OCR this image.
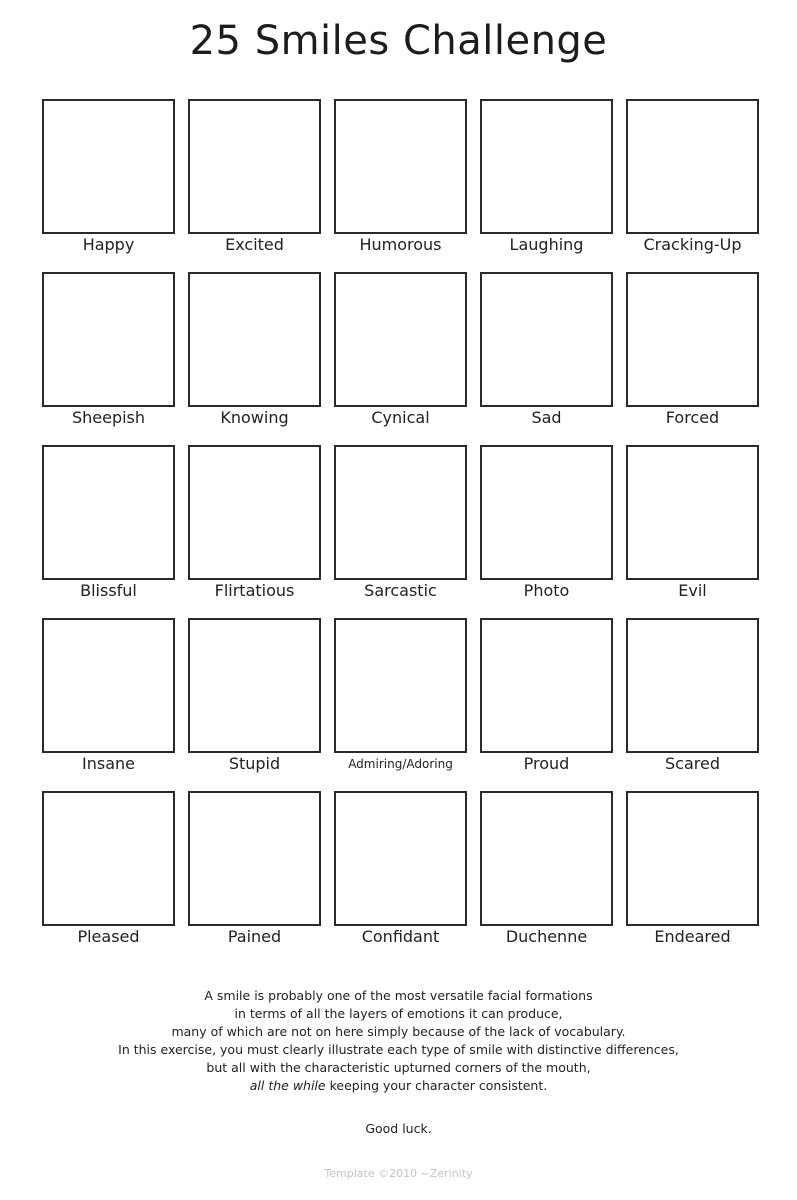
25 Smiles Challenge
Happy	Excited	Humorous	Laughing	Cracking-Up
Sheepish	Knowing	Cynical	Sad	Forced
Blissful	Flirtatious	Sarcastic	Photo	Evil
Insane	Stupid	Admiring/Adoring	Proud	Scared
Pleased	Pained	Confidant	Duchenne	Endeared

A smile is probably one of the most versatile facial formations

in terms of all the layers of emotions it can produce,

many of which are not on here simply because of the lack of vocabulary.

In this exercise, you must clearly illustrate each type of smile with distinctive differences,

but all with the characteristic upturned corners of the mouth,

all the while keeping your character consistent.

Good luck.
Template ©2010 ~Zerinity
